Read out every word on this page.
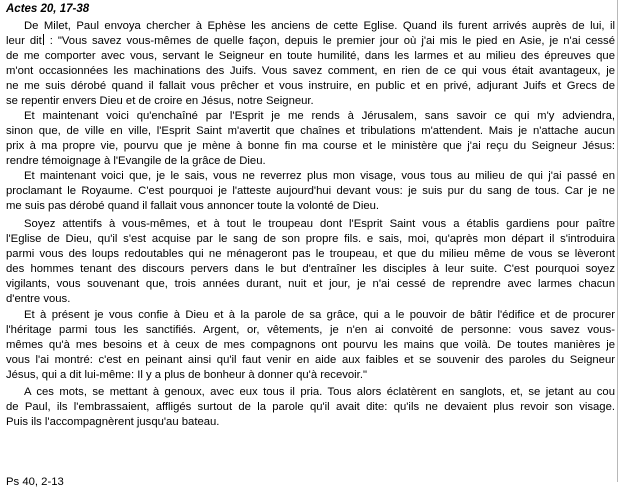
Actes 20, 17-38
De Milet, Paul envoya chercher à Ephèse les anciens de cette Eglise. Quand ils furent arrivés auprès de lui, il
leur dit : "Vous savez vous-mêmes de quelle façon, depuis le premier jour où j'ai mis le pied en Asie, je n'ai cessé
de me comporter avec vous, servant le Seigneur en toute humilité, dans les larmes et au milieu des épreuves que
m'ont occasionnées les machinations des Juifs. Vous savez comment, en rien de ce qui vous était avantageux, je
ne me suis dérobé quand il fallait vous prêcher et vous instruire, en public et en privé, adjurant Juifs et Grecs de
se repentir envers Dieu et de croire en Jésus, notre Seigneur.
Et maintenant voici qu'enchaîné par l'Esprit je me rends à Jérusalem, sans savoir ce qui m'y adviendra,
sinon que, de ville en ville, l'Esprit Saint m'avertit que chaînes et tribulations m'attendent. Mais je n'attache aucun
prix à ma propre vie, pourvu que je mène à bonne fin ma course et le ministère que j'ai reçu du Seigneur Jésus:
rendre témoignage à l'Evangile de la grâce de Dieu.
Et maintenant voici que, je le sais, vous ne reverrez plus mon visage, vous tous au milieu de qui j'ai passé en
proclamant le Royaume. C'est pourquoi je l'atteste aujourd'hui devant vous: je suis pur du sang de tous. Car je ne
me suis pas dérobé quand il fallait vous annoncer toute la volonté de Dieu.
Soyez attentifs à vous-mêmes, et à tout le troupeau dont l'Esprit Saint vous a établis gardiens pour paître
l'Eglise de Dieu, qu'il s'est acquise par le sang de son propre fils. e sais, moi, qu'après mon départ il s'introduira
parmi vous des loups redoutables qui ne ménageront pas le troupeau, et que du milieu même de vous se lèveront
des hommes tenant des discours pervers dans le but d'entraîner les disciples à leur suite. C'est pourquoi soyez
vigilants, vous souvenant que, trois années durant, nuit et jour, je n'ai cessé de reprendre avec larmes chacun
d'entre vous.
Et à présent je vous confie à Dieu et à la parole de sa grâce, qui a le pouvoir de bâtir l'édifice et de procurer
l'héritage parmi tous les sanctifiés. Argent, or, vêtements, je n'en ai convoité de personne: vous savez vous-
mêmes qu'à mes besoins et à ceux de mes compagnons ont pourvu les mains que voilà. De toutes manières je
vous l'ai montré: c'est en peinant ainsi qu'il faut venir en aide aux faibles et se souvenir des paroles du Seigneur
Jésus, qui a dit lui-même: Il y a plus de bonheur à donner qu'à recevoir."
A ces mots, se mettant à genoux, avec eux tous il pria. Tous alors éclatèrent en sanglots, et, se jetant au cou
de Paul, ils l'embrassaient, affligés surtout de la parole qu'il avait dite: qu'ils ne devaient plus revoir son visage.
Puis ils l'accompagnèrent jusqu'au bateau.
Ps 40, 2-13
